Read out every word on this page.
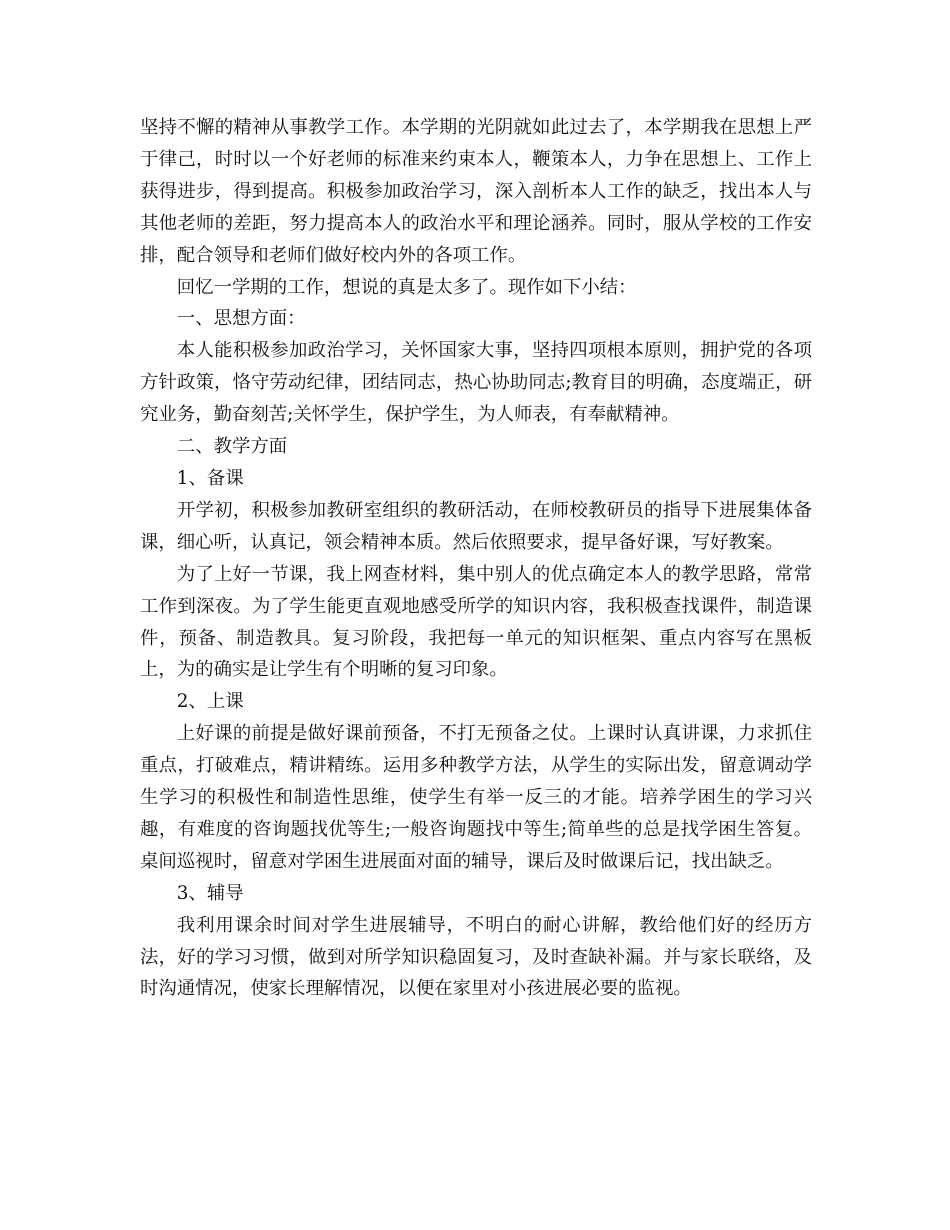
坚持不懈的精神从事教学工作。本学期的光阴就如此过去了，本学期我在思想上严于律己，时时以一个好老师的标准来约束本人，鞭策本人，力争在思想上、工作上获得进步，得到提高。积极参加政治学习，深入剖析本人工作的缺乏，找出本人与其他老师的差距，努力提高本人的政治水平和理论涵养。同时，服从学校的工作安排，配合领导和老师们做好校内外的各项工作。

回忆一学期的工作，想说的真是太多了。现作如下小结：

一、思想方面：

本人能积极参加政治学习，关怀国家大事，坚持四项根本原则，拥护党的各项方针政策，恪守劳动纪律，团结同志，热心协助同志;教育目的明确，态度端正，研究业务，勤奋刻苦;关怀学生，保护学生，为人师表，有奉献精神。

二、教学方面

1、备课

开学初，积极参加教研室组织的教研活动，在师校教研员的指导下进展集体备课，细心听，认真记，领会精神本质。然后依照要求，提早备好课，写好教案。

为了上好一节课，我上网查材料，集中别人的优点确定本人的教学思路，常常工作到深夜。为了学生能更直观地感受所学的知识内容，我积极查找课件，制造课件，预备、制造教具。复习阶段，我把每一单元的知识框架、重点内容写在黑板上，为的确实是让学生有个明晰的复习印象。

2、上课

上好课的前提是做好课前预备，不打无预备之仗。上课时认真讲课，力求抓住重点，打破难点，精讲精练。运用多种教学方法，从学生的实际出发，留意调动学生学习的积极性和制造性思维，使学生有举一反三的才能。培养学困生的学习兴趣，有难度的咨询题找优等生;一般咨询题找中等生;简单些的总是找学困生答复。桌间巡视时，留意对学困生进展面对面的辅导，课后及时做课后记，找出缺乏。

3、辅导

我利用课余时间对学生进展辅导，不明白的耐心讲解，教给他们好的经历方法，好的学习习惯，做到对所学知识稳固复习，及时查缺补漏。并与家长联络，及时沟通情况，使家长理解情况，以便在家里对小孩进展必要的监视。
